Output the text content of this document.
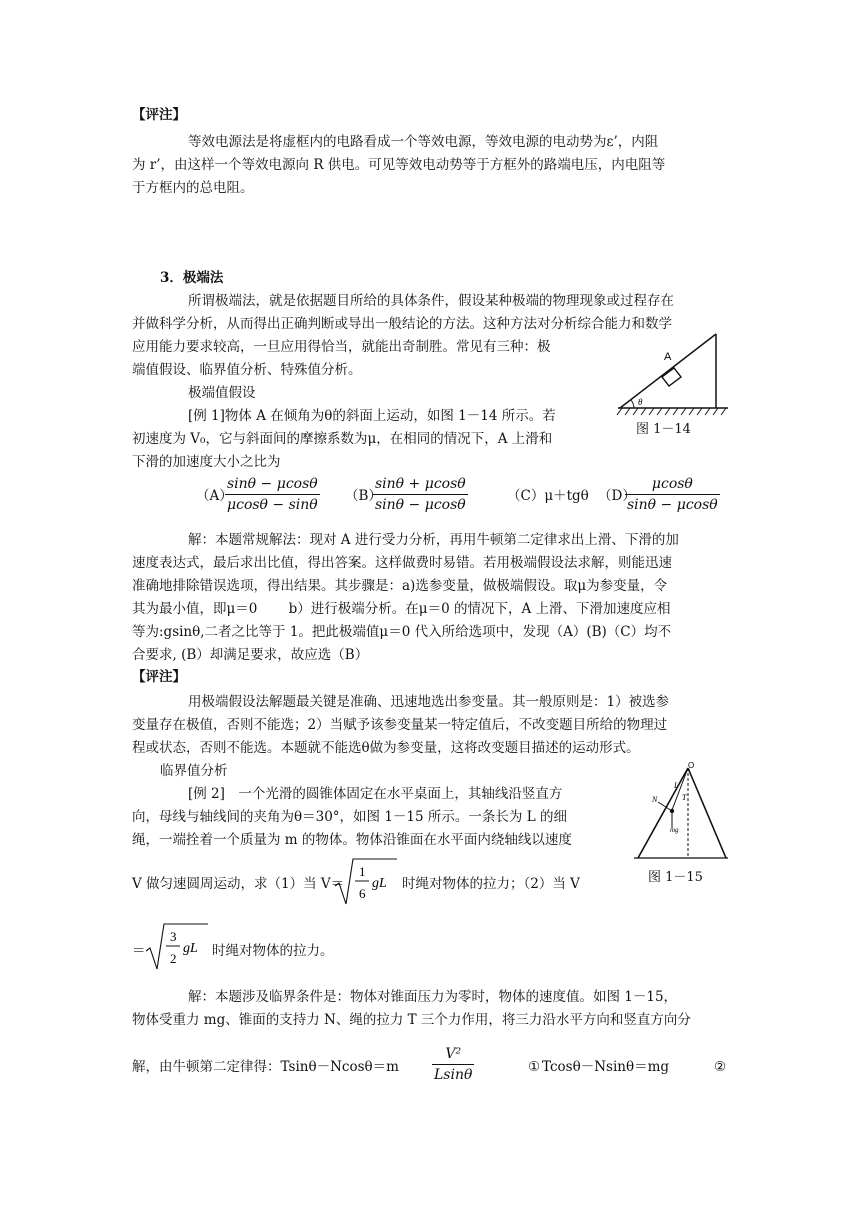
【评注】
等效电源法是将虚框内的电路看成一个等效电源，等效电源的电动势为ε’，内阻
为 r’，由这样一个等效电源向 R 供电。可见等效电动势等于方框外的路端电压，内电阻等
于方框内的总电阻。
3．极端法
所谓极端法，就是依据题目所给的具体条件，假设某种极端的物理现象或过程存在
并做科学分析，从而得出正确判断或导出一般结论的方法。这种方法对分析综合能力和数学
应用能力要求较高，一旦应用得恰当，就能出奇制胜。常见有三种：极
端值假设、临界值分析、特殊值分析。
极端值假设
[例 1]物体 A 在倾角为θ的斜面上运动，如图 1－14 所示。若
初速度为 V₀，它与斜面间的摩擦系数为μ，在相同的情况下，A 上滑和
下滑的加速度大小之比为
A
θ
图 1－14
（A）
$\frac{\sin\theta - \mu\cos\theta}{\mu\cos\theta - \sin\theta} (B)$
$\frac{\sin\theta + \mu\cos\theta}{\sin\theta - \mu\cos\theta}$	（C）μ＋tgθ （D）
$\frac{\mu\cos\theta}{\sin\theta - \mu\cos\theta}$
解：本题常规解法：现对 A 进行受力分析，再用牛顿第二定律求出上滑、下滑的加
速度表达式，最后求出比值，得出答案。这样做费时易错。若用极端假设法求解，则能迅速
准确地排除错误选项，得出结果。其步骤是：a)选参变量，做极端假设。取μ为参变量，令
其为最小值，即μ＝0　　 b）进行极端分析。在μ＝0 的情况下，A 上滑、下滑加速度应相
等为:gsinθ,二者之比等于 1。把此极端值μ＝0 代入所给选项中，发现（A）(B)（C）均不
合要求, (B）却满足要求，故应选（B）
【评注】
用极端假设法解题最关键是准确、迅速地选出参变量。其一般原则是：1）被选参
变量存在极值，否则不能选；2）当赋予该参变量某一特定值后，不改变题目所给的物理过
程或状态，否则不能选。本题就不能选θ做为参变量，这将改变题目描述的运动形式。
临界值分析
[例 2]　一个光滑的圆锥体固定在水平桌面上，其轴线沿竖直方
向，母线与轴线间的夹角为θ＝30°，如图 1－15 所示。一条长为 L 的细
绳，一端拴着一个质量为 m 的物体。物体沿锥面在水平面内绕轴线以速度
O
L
T
N
mg
图 1－15
V 做匀速圆周运动，求（1）当 V＝
1
6
gL 时绳对物体的拉力；（2）当 V
＝
3
2
gL 时绳对物体的拉力。
解：本题涉及临界条件是：物体对锥面压力为零时，物体的速度值。如图 1－15，
物体受重力 mg、锥面的支持力 N、绳的拉力 T 三个力作用，将三力沿水平方向和竖直方向分
解，由牛顿第二定律得：$Tsin\theta-Ncos\theta=m \frac{\text{V²}}{Lsin\theta}$	① Tcosθ－Nsinθ＝mg	②
